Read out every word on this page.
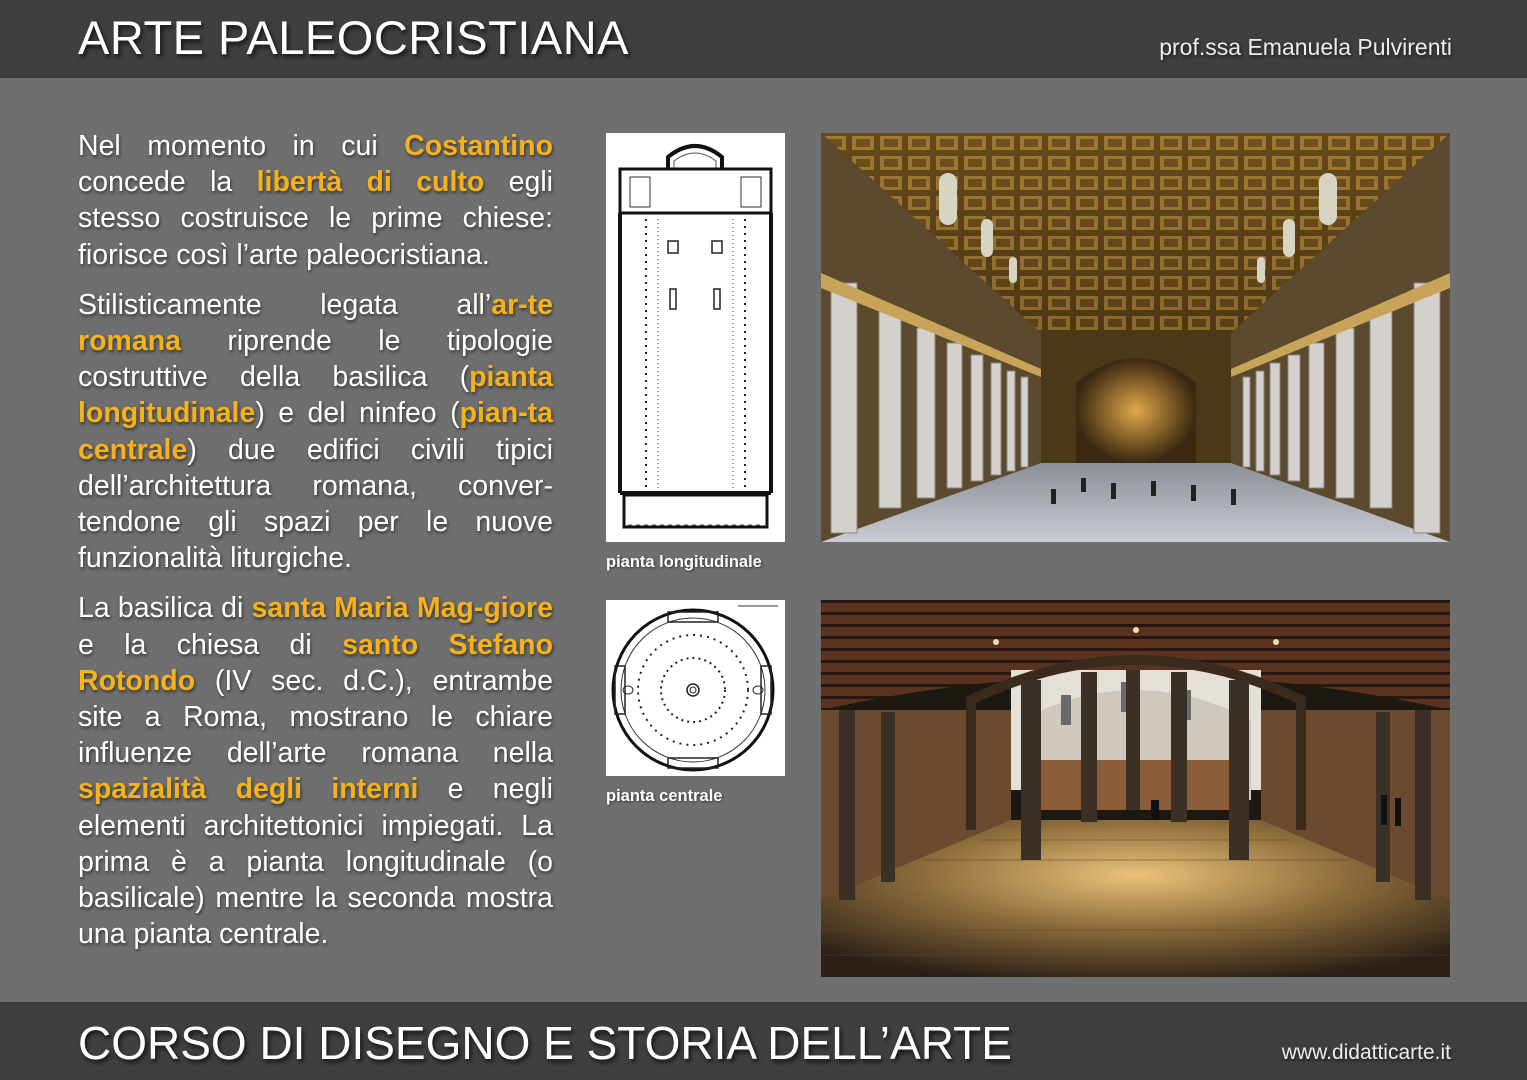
ARTE PALEOCRISTIANA	prof.ssa Emanuela Pulvirenti

Nel momento in cui Costantino concede la libertà di culto egli stesso costruisce le prime chiese: fiorisce così l’arte paleocristiana.

Stilisticamente legata all’ar-te romana riprende le tipologie costruttive della basilica (pianta longitudinale) e del ninfeo (pian-ta centrale) due edifici civili tipici dell’architettura romana, conver-tendone gli spazi per le nuove funzionalità liturgiche.

La basilica di santa Maria Mag-giore e la chiesa di santo Stefano Rotondo (IV sec. d.C.), entrambe site a Roma, mostrano le chiare influenze dell’arte romana nella spazialità degli interni e negli elementi architettonici impiegati. La prima è a pianta longitudinale (o basilicale) mentre la seconda mostra una pianta centrale.

pianta longitudinale
pianta centrale
CORSO DI DISEGNO E STORIA DELL’ARTE	www.didatticarte.it
